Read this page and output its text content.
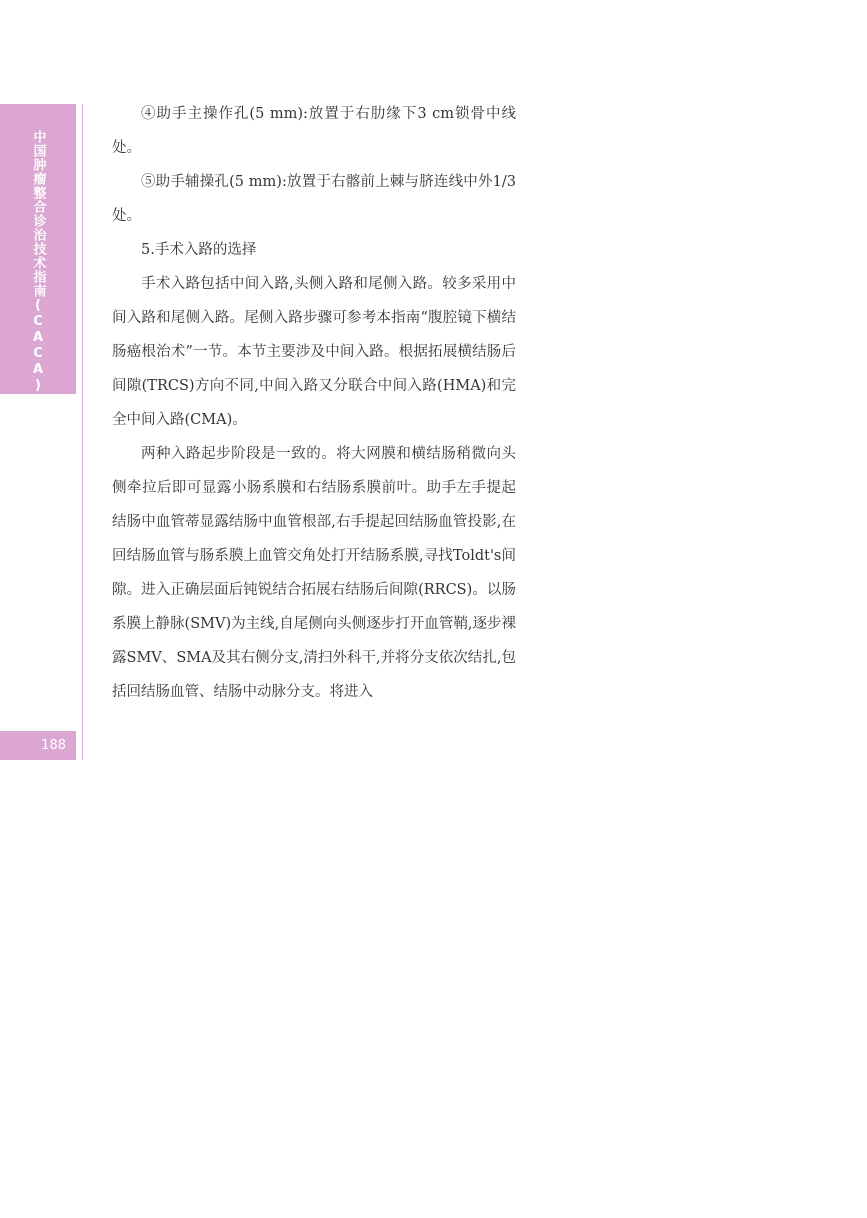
中国肿瘤整合诊治技术指南(CACA)
188

④助手主操作孔(5 mm):放置于右肋缘下3 cm锁骨中线处。

⑤助手辅操孔(5 mm):放置于右髂前上棘与脐连线中外1/3处。

5.手术入路的选择

手术入路包括中间入路,头侧入路和尾侧入路。较多采用中间入路和尾侧入路。尾侧入路步骤可参考本指南“腹腔镜下横结肠癌根治术”一节。本节主要涉及中间入路。根据拓展横结肠后间隙(TRCS)方向不同,中间入路又分联合中间入路(HMA)和完全中间入路(CMA)。

两种入路起步阶段是一致的。将大网膜和横结肠稍微向头侧牵拉后即可显露小肠系膜和右结肠系膜前叶。助手左手提起结肠中血管蒂显露结肠中血管根部,右手提起回结肠血管投影,在回结肠血管与肠系膜上血管交角处打开结肠系膜,寻找Toldt's间隙。进入正确层面后钝锐结合拓展右结肠后间隙(RRCS)。以肠系膜上静脉(SMV)为主线,自尾侧向头侧逐步打开血管鞘,逐步裸露SMV、SMA及其右侧分支,清扫外科干,并将分支依次结扎,包括回结肠血管、结肠中动脉分支。将进入
